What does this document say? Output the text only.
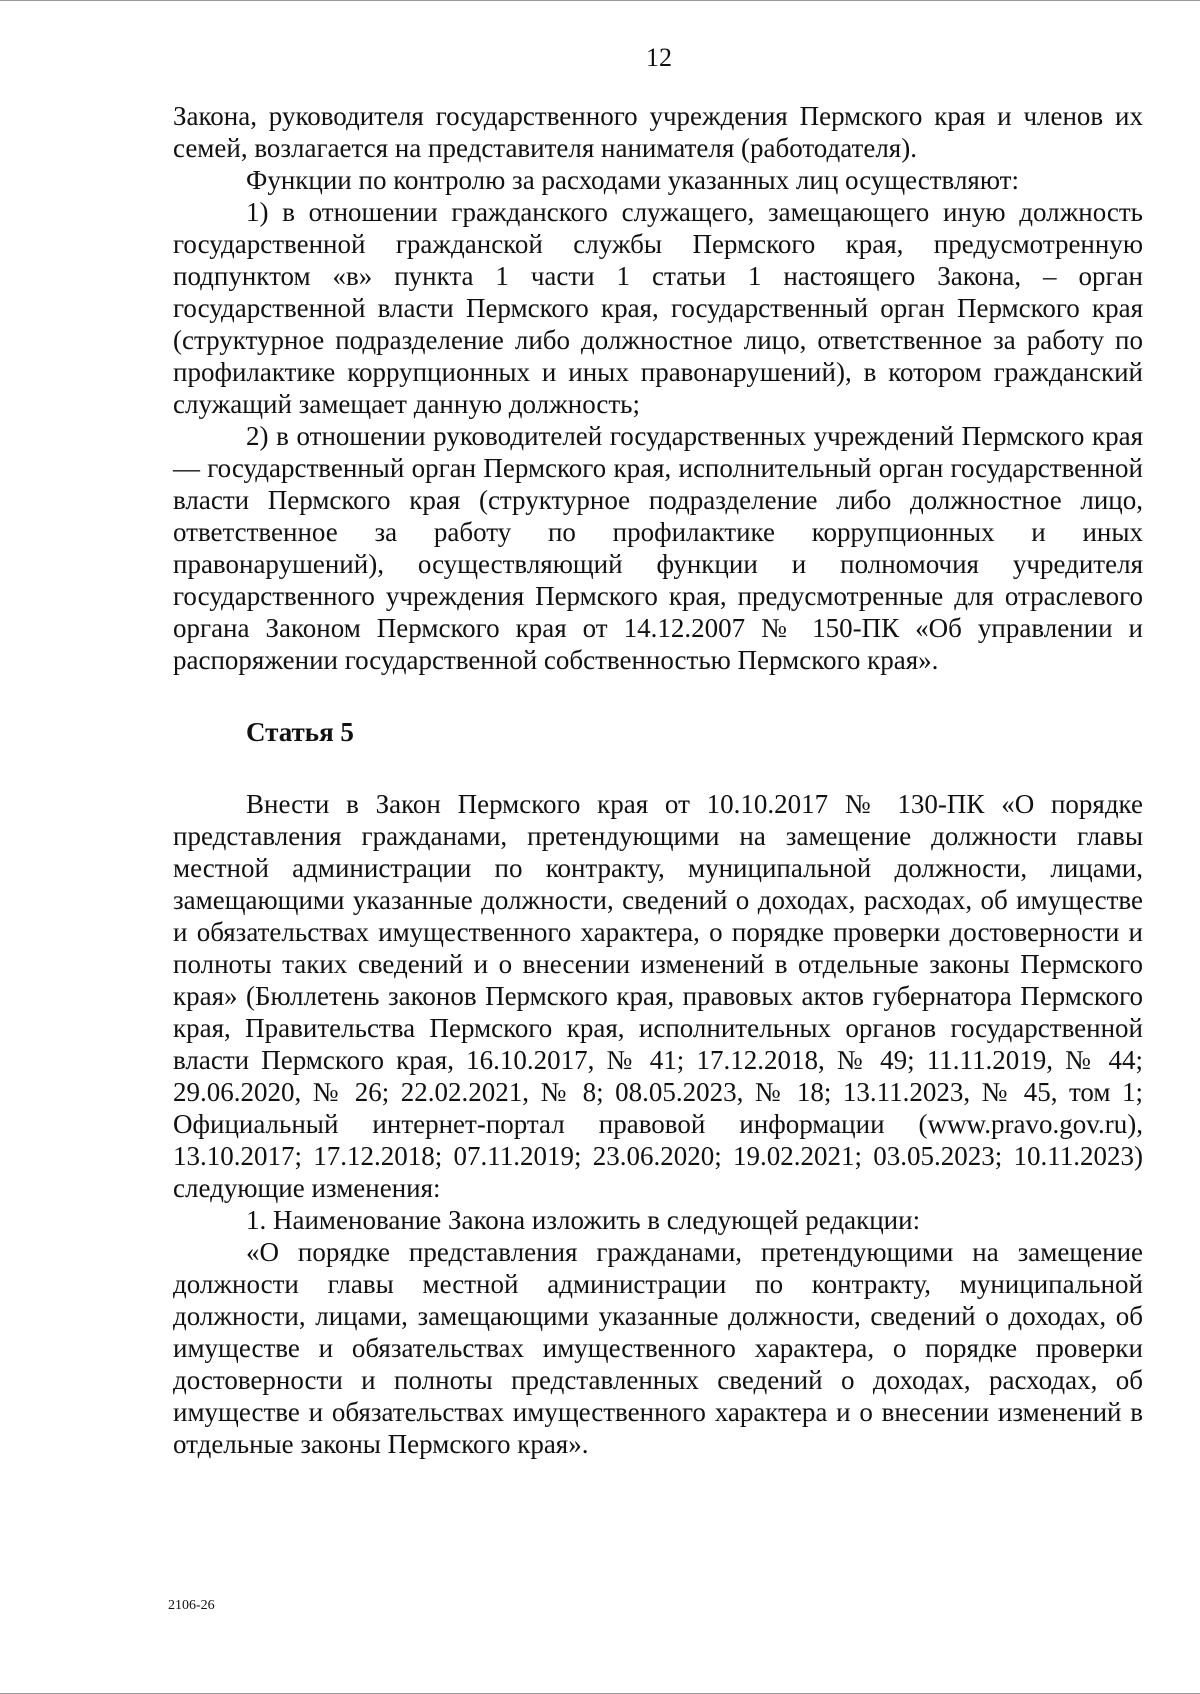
12

Закона, руководителя государственного учреждения Пермского края и членов их семей, возлагается на представителя нанимателя (работодателя).

Функции по контролю за расходами указанных лиц осуществляют:

1) в отношении гражданского служащего, замещающего иную должность государственной гражданской службы Пермского края, предусмотренную подпунктом «в» пункта 1 части 1 статьи 1 настоящего Закона, – орган государственной власти Пермского края, государственный орган Пермского края (структурное подразделение либо должностное лицо, ответственное за работу по профилактике коррупционных и иных правонарушений), в котором гражданский служащий замещает данную должность;

2) в отношении руководителей государственных учреждений Пермского края — государственный орган Пермского края, исполнительный орган государственной власти Пермского края (структурное подразделение либо должностное лицо, ответственное за работу по профилактике коррупционных и иных правонарушений), осуществляющий функции и полномочия учредителя государственного учреждения Пермского края, предусмотренные для отраслевого органа Законом Пермского края от 14.12.2007 № 150-ПК «Об управлении и распоряжении государственной собственностью Пермского края».

Статья 5

Внести в Закон Пермского края от 10.10.2017 № 130-ПК «О порядке представления гражданами, претендующими на замещение должности главы местной администрации по контракту, муниципальной должности, лицами, замещающими указанные должности, сведений о доходах, расходах, об имуществе и обязательствах имущественного характера, о порядке проверки достоверности и полноты таких сведений и о внесении изменений в отдельные законы Пермского края» (Бюллетень законов Пермского края, правовых актов губернатора Пермского края, Правительства Пермского края, исполнительных органов государственной власти Пермского края, 16.10.2017, № 41; 17.12.2018, № 49; 11.11.2019, № 44; 29.06.2020, № 26; 22.02.2021, № 8; 08.05.2023, № 18; 13.11.2023, № 45, том 1; Официальный интернет-портал правовой информации (www.pravo.gov.ru), 13.10.2017; 17.12.2018; 07.11.2019; 23.06.2020; 19.02.2021; 03.05.2023; 10.11.2023) следующие изменения:

1. Наименование Закона изложить в следующей редакции:

«О порядке представления гражданами, претендующими на замещение должности главы местной администрации по контракту, муниципальной должности, лицами, замещающими указанные должности, сведений о доходах, об имуществе и обязательствах имущественного характера, о порядке проверки достоверности и полноты представленных сведений о доходах, расходах, об имуществе и обязательствах имущественного характера и о внесении изменений в отдельные законы Пермского края».

2106-26
